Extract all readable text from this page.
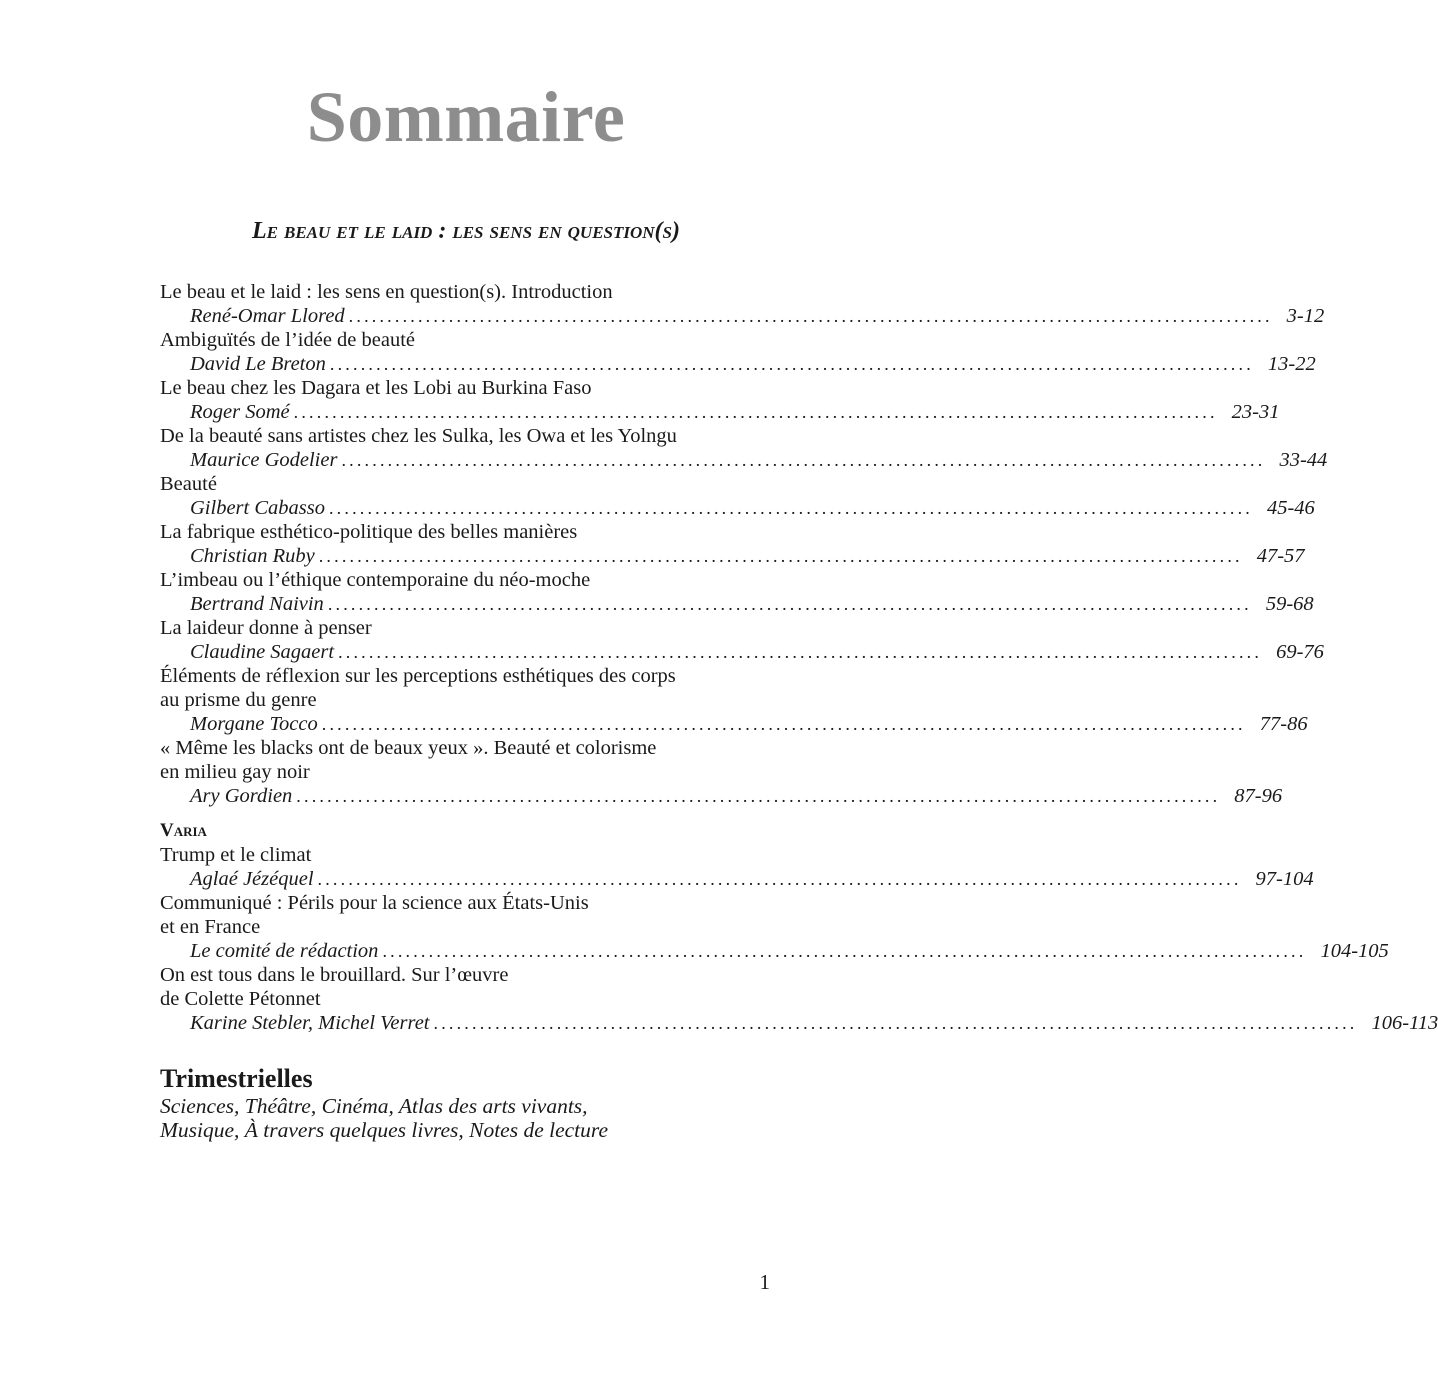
Sommaire
Le beau et le laid : les sens en question(s)
Le beau et le laid : les sens en question(s). Introduction
René-Omar Llored ........................................................................................................................ 3-12
Ambiguïtés de l’idée de beauté
David Le Breton ........................................................................................................................ 13-22
Le beau chez les Dagara et les Lobi au Burkina Faso
Roger Somé ........................................................................................................................ 23-31
De la beauté sans artistes chez les Sulka, les Owa et les Yolngu
Maurice Godelier ........................................................................................................................ 33-44
Beauté
Gilbert Cabasso ........................................................................................................................ 45-46
La fabrique esthético-politique des belles manières
Christian Ruby ........................................................................................................................ 47-57
L’imbeau ou l’éthique contemporaine du néo-moche
Bertrand Naivin ........................................................................................................................ 59-68
La laideur donne à penser
Claudine Sagaert ........................................................................................................................ 69-76
Éléments de réflexion sur les perceptions esthétiques des corps
au prisme du genre
Morgane Tocco ........................................................................................................................ 77-86
« Même les blacks ont de beaux yeux ». Beauté et colorisme
en milieu gay noir
Ary Gordien ........................................................................................................................ 87-96
Varia
Trump et le climat
Aglaé Jézéquel ........................................................................................................................ 97-104
Communiqué : Périls pour la science aux États-Unis
et en France
Le comité de rédaction ........................................................................................................................ 104-105
On est tous dans le brouillard. Sur l’œuvre
de Colette Pétonnet
Karine Stebler, Michel Verret ........................................................................................................................ 106-113
Trimestrielles
Sciences, Théâtre, Cinéma, Atlas des arts vivants,
Musique, À travers quelques livres, Notes de lecture
1
